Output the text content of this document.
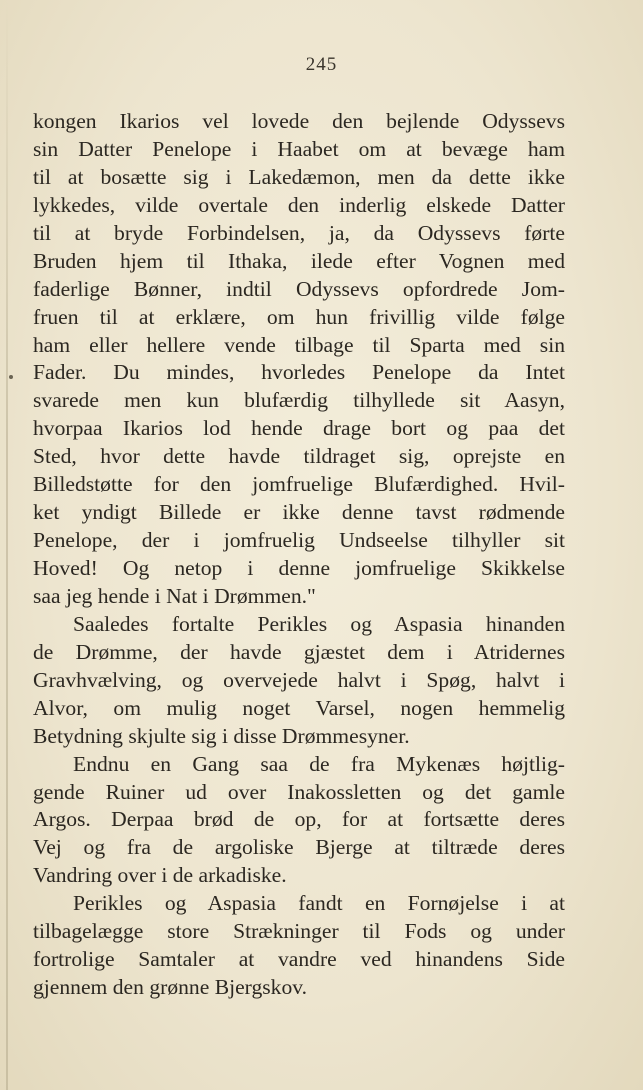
245
kongen Ikarios vel lovede den bejlende Odyssevs
sin Datter Penelope i Haabet om at bevæge ham
til at bosætte sig i Lakedæmon, men da dette ikke
lykkedes, vilde overtale den inderlig elskede Datter
til at bryde Forbindelsen, ja, da Odyssevs førte
Bruden hjem til Ithaka, ilede efter Vognen med
faderlige Bønner, indtil Odyssevs opfordrede Jom-
fruen til at erklære, om hun frivillig vilde følge
ham eller hellere vende tilbage til Sparta med sin
Fader. Du mindes, hvorledes Penelope da Intet
svarede men kun blufærdig tilhyllede sit Aasyn,
hvorpaa Ikarios lod hende drage bort og paa det
Sted, hvor dette havde tildraget sig, oprejste en
Billedstøtte for den jomfruelige Blufærdighed. Hvil-
ket yndigt Billede er ikke denne tavst rødmende
Penelope, der i jomfruelig Undseelse tilhyller sit
Hoved! Og netop i denne jomfruelige Skikkelse
saa jeg hende i Nat i Drømmen."
Saaledes fortalte Perikles og Aspasia hinanden
de Drømme, der havde gjæstet dem i Atridernes
Gravhvælving, og overvejede halvt i Spøg, halvt i
Alvor, om mulig noget Varsel, nogen hemmelig
Betydning skjulte sig i disse Drømmesyner.
Endnu en Gang saa de fra Mykenæs højtlig-
gende Ruiner ud over Inakossletten og det gamle
Argos. Derpaa brød de op, for at fortsætte deres
Vej og fra de argoliske Bjerge at tiltræde deres
Vandring over i de arkadiske.
Perikles og Aspasia fandt en Fornøjelse i at
tilbagelægge store Strækninger til Fods og under
fortrolige Samtaler at vandre ved hinandens Side
gjennem den grønne Bjergskov.
